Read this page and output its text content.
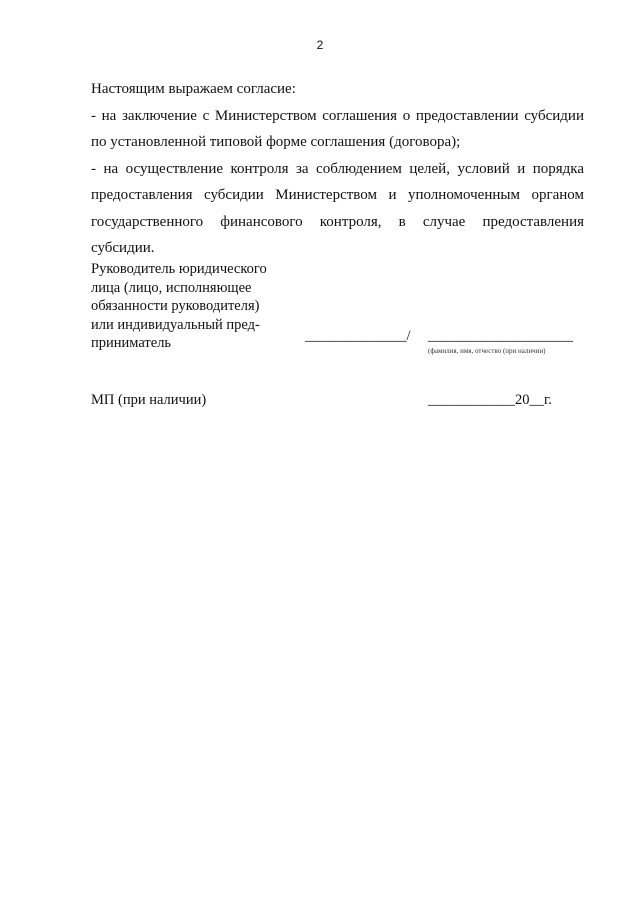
2

Настоящим выражаем согласие:

- на заключение с Министерством соглашения о предоставлении субсидии по установленной типовой форме соглашения (договора);

- на осуществление контроля за соблюдением целей, условий и порядка предоставления субсидии Министерством и уполномоченным органом государственного финансового контроля, в случае предоставления субсидии.

Руководитель юридического
лица (лицо, исполняющее
обязанности руководителя)
или индивидуальный пред-
приниматель	______________/ ____________________
(фамилия, имя, отчество (при наличии)
МП (при наличии)	____________20__г.
